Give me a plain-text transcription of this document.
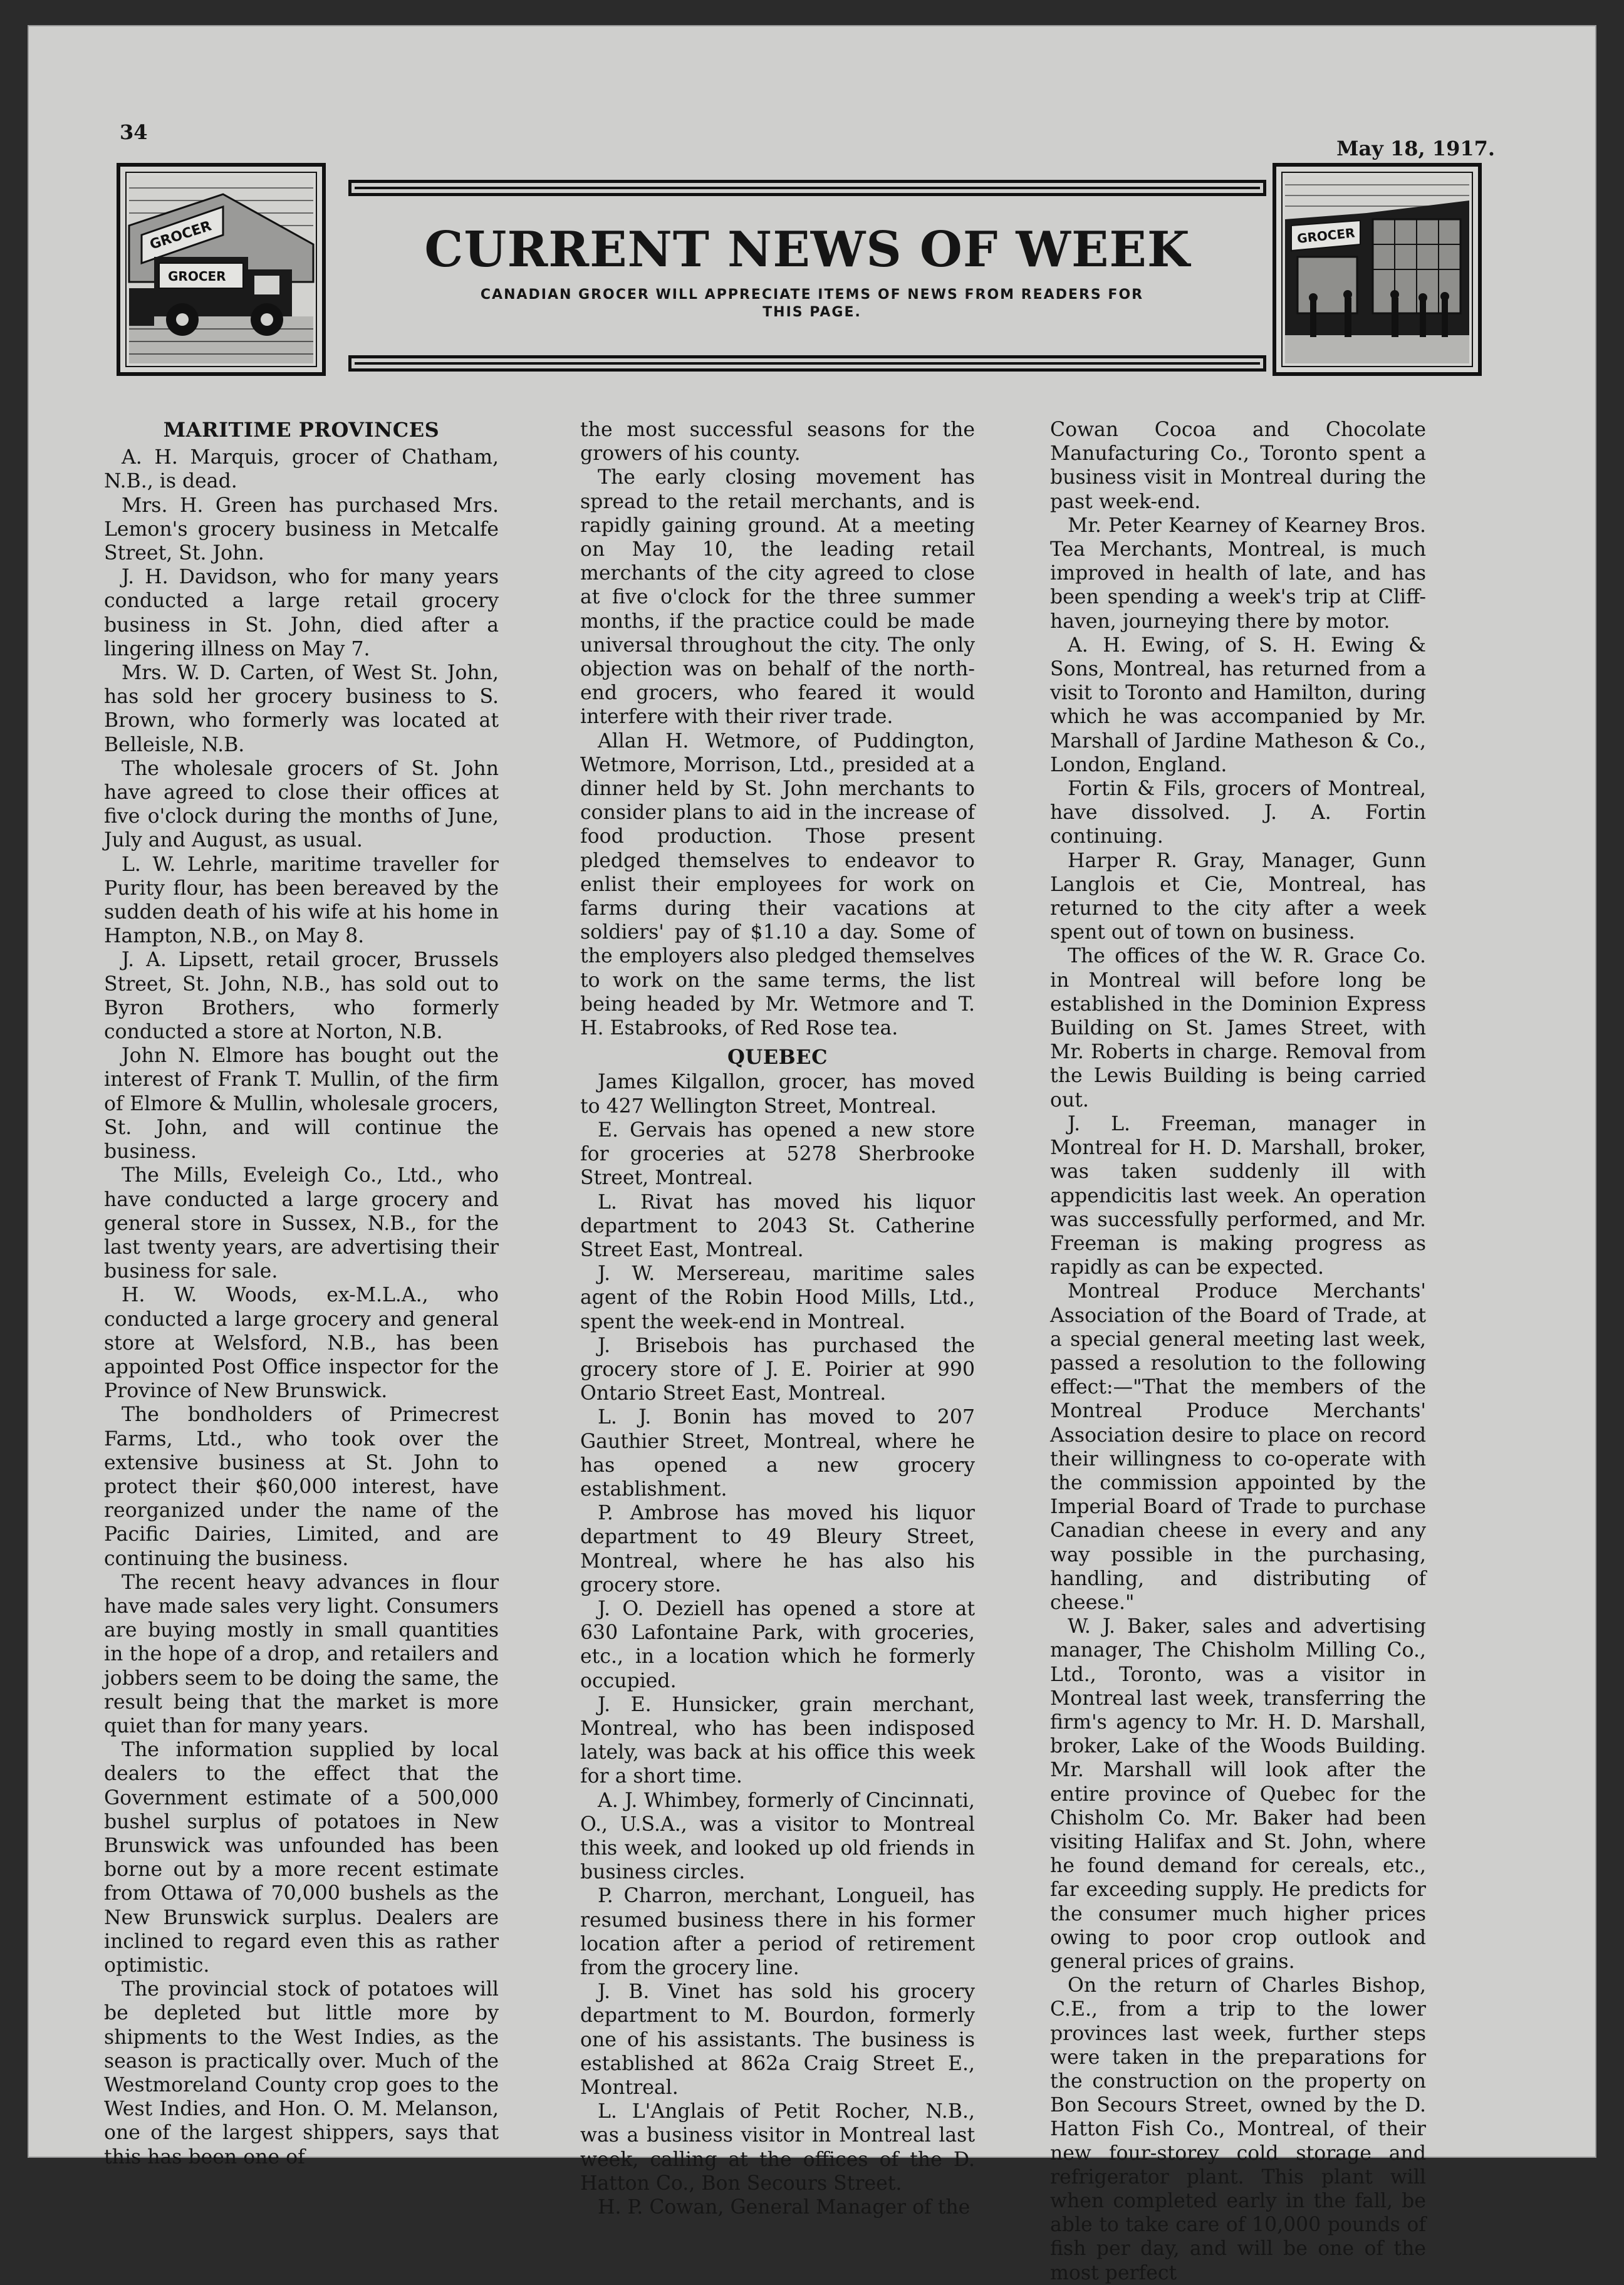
34
May 18, 1917.
GROCER
GROCER	CURRENT NEWS OF WEEK
CANADIAN GROCER WILL APPRECIATE ITEMS OF NEWS FROM READERS FOR THIS PAGE.
GROCER
MARITIME PROVINCES

A. H. Marquis, grocer of Chatham, N.B., is dead.

Mrs. H. Green has purchased Mrs. Lemon's grocery business in Metcalfe Street, St. John.

J. H. Davidson, who for many years conducted a large retail grocery business in St. John, died after a lingering illness on May 7.

Mrs. W. D. Carten, of West St. John, has sold her grocery business to S. Brown, who formerly was located at Belleisle, N.B.

The wholesale grocers of St. John have agreed to close their offices at five o'clock during the months of June, July and August, as usual.

L. W. Lehrle, maritime traveller for Purity flour, has been bereaved by the sudden death of his wife at his home in Hampton, N.B., on May 8.

J. A. Lipsett, retail grocer, Brussels Street, St. John, N.B., has sold out to Byron Brothers, who formerly conducted a store at Norton, N.B.

John N. Elmore has bought out the interest of Frank T. Mullin, of the firm of Elmore & Mullin, wholesale grocers, St. John, and will continue the business.

The Mills, Eveleigh Co., Ltd., who have conducted a large grocery and general store in Sussex, N.B., for the last twenty years, are advertising their business for sale.

H. W. Woods, ex-M.L.A., who conducted a large grocery and general store at Welsford, N.B., has been appointed Post Office inspector for the Province of New Brunswick.

The bondholders of Primecrest Farms, Ltd., who took over the extensive business at St. John to protect their $60,000 interest, have reorganized under the name of the Pacific Dairies, Limited, and are continuing the business.

The recent heavy advances in flour have made sales very light. Consumers are buying mostly in small quantities in the hope of a drop, and retailers and jobbers seem to be doing the same, the result being that the market is more quiet than for many years.

The information supplied by local dealers to the effect that the Government estimate of a 500,000 bushel surplus of potatoes in New Brunswick was unfounded has been borne out by a more recent estimate from Ottawa of 70,000 bushels as the New Brunswick surplus. Dealers are inclined to regard even this as rather optimistic.

The provincial stock of potatoes will be depleted but little more by shipments to the West Indies, as the season is practically over. Much of the Westmoreland County crop goes to the West Indies, and Hon. O. M. Melanson, one of the largest shippers, says that this has been one of

the most successful seasons for the growers of his county.

The early closing movement has spread to the retail merchants, and is rapidly gaining ground. At a meeting on May 10, the leading retail merchants of the city agreed to close at five o'clock for the three summer months, if the practice could be made universal throughout the city. The only objection was on behalf of the north-end grocers, who feared it would interfere with their river trade.

Allan H. Wetmore, of Puddington, Wetmore, Morrison, Ltd., presided at a dinner held by St. John merchants to consider plans to aid in the increase of food production. Those present pledged themselves to endeavor to enlist their employees for work on farms during their vacations at soldiers' pay of $1.10 a day. Some of the employers also pledged themselves to work on the same terms, the list being headed by Mr. Wetmore and T. H. Estabrooks, of Red Rose tea.

QUEBEC

James Kilgallon, grocer, has moved to 427 Wellington Street, Montreal.

E. Gervais has opened a new store for groceries at 5278 Sherbrooke Street, Montreal.

L. Rivat has moved his liquor department to 2043 St. Catherine Street East, Montreal.

J. W. Mersereau, maritime sales agent of the Robin Hood Mills, Ltd., spent the week-end in Montreal.

J. Brisebois has purchased the grocery store of J. E. Poirier at 990 Ontario Street East, Montreal.

L. J. Bonin has moved to 207 Gauthier Street, Montreal, where he has opened a new grocery establishment.

P. Ambrose has moved his liquor department to 49 Bleury Street, Montreal, where he has also his grocery store.

J. O. Deziell has opened a store at 630 Lafontaine Park, with groceries, etc., in a location which he formerly occupied.

J. E. Hunsicker, grain merchant, Montreal, who has been indisposed lately, was back at his office this week for a short time.

A. J. Whimbey, formerly of Cincinnati, O., U.S.A., was a visitor to Montreal this week, and looked up old friends in business circles.

P. Charron, merchant, Longueil, has resumed business there in his former location after a period of retirement from the grocery line.

J. B. Vinet has sold his grocery department to M. Bourdon, formerly one of his assistants. The business is established at 862a Craig Street E., Montreal.

L. L'Anglais of Petit Rocher, N.B., was a business visitor in Montreal last week, calling at the offices of the D. Hatton Co., Bon Secours Street.

H. P. Cowan, General Manager of the

Cowan Cocoa and Chocolate Manufacturing Co., Toronto spent a business visit in Montreal during the past week-end.

Mr. Peter Kearney of Kearney Bros. Tea Merchants, Montreal, is much improved in health of late, and has been spending a week's trip at Cliff-haven, journeying there by motor.

A. H. Ewing, of S. H. Ewing & Sons, Montreal, has returned from a visit to Toronto and Hamilton, during which he was accompanied by Mr. Marshall of Jardine Matheson & Co., London, England.

Fortin & Fils, grocers of Montreal, have dissolved. J. A. Fortin continuing.

Harper R. Gray, Manager, Gunn Langlois et Cie, Montreal, has returned to the city after a week spent out of town on business.

The offices of the W. R. Grace Co. in Montreal will before long be established in the Dominion Express Building on St. James Street, with Mr. Roberts in charge. Removal from the Lewis Building is being carried out.

J. L. Freeman, manager in Montreal for H. D. Marshall, broker, was taken suddenly ill with appendicitis last week. An operation was successfully performed, and Mr. Freeman is making progress as rapidly as can be expected.

Montreal Produce Merchants' Association of the Board of Trade, at a special general meeting last week, passed a resolution to the following effect:—"That the members of the Montreal Produce Merchants' Association desire to place on record their willingness to co-operate with the commission appointed by the Imperial Board of Trade to purchase Canadian cheese in every and any way possible in the purchasing, handling, and distributing of cheese."

W. J. Baker, sales and advertising manager, The Chisholm Milling Co., Ltd., Toronto, was a visitor in Montreal last week, transferring the firm's agency to Mr. H. D. Marshall, broker, Lake of the Woods Building. Mr. Marshall will look after the entire province of Quebec for the Chisholm Co. Mr. Baker had been visiting Halifax and St. John, where he found demand for cereals, etc., far exceeding supply. He predicts for the consumer much higher prices owing to poor crop outlook and general prices of grains.

On the return of Charles Bishop, C.E., from a trip to the lower provinces last week, further steps were taken in the preparations for the construction on the property on Bon Secours Street, owned by the D. Hatton Fish Co., Montreal, of their new four-storey cold storage and refrigerator plant. This plant will when completed early in the fall, be able to take care of 10,000 pounds of fish per day, and will be one of the most perfect
